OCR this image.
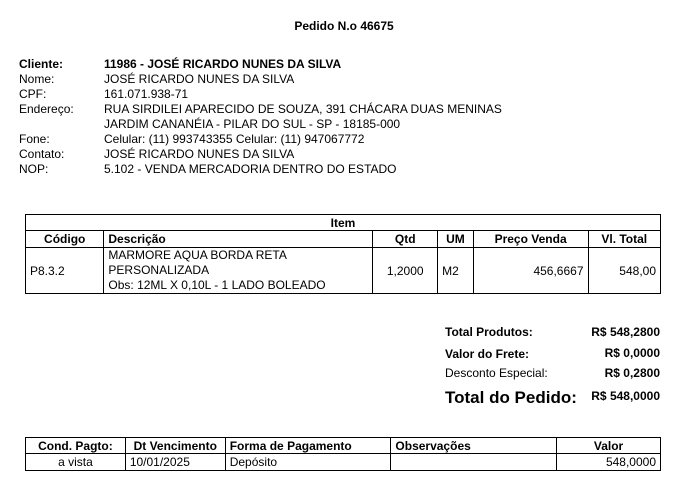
Pedido N.o 46675
Cliente:	11986 - JOSÉ RICARDO NUNES DA SILVA
Nome:	JOSÉ RICARDO NUNES DA SILVA
CPF:	161.071.938-71
Endereço:	RUA SIRDILEI APARECIDO DE SOUZA, 391 CHÁCARA DUAS MENINAS
JARDIM CANANÉIA - PILAR DO SUL - SP - 18185-000
Fone:	Celular: (11) 993743355 Celular: (11) 947067772
Contato:	JOSÉ RICARDO NUNES DA SILVA
NOP:	5.102 - VENDA MERCADORIA DENTRO DO ESTADO
Item					
Código	Descrição	Qtd	UM	Preço Venda	Vl. Total
P8.3.2	MARMORE AQUA BORDA RETA
PERSONALIZADA
Obs: 12ML X 0,10L - 1 LADO BOLEADO	1,2000	M2	456,6667	548,00
Total Produtos:	R$ 548,2800
Valor do Frete:	R$ 0,0000
Desconto Especial:	R$ 0,2800
Total do Pedido: R$ 548,0000
Cond. Pagto:	Dt Vencimento	Forma de Pagamento	Observações	Valor
a vista	10/01/2025	Depósito		548,0000
